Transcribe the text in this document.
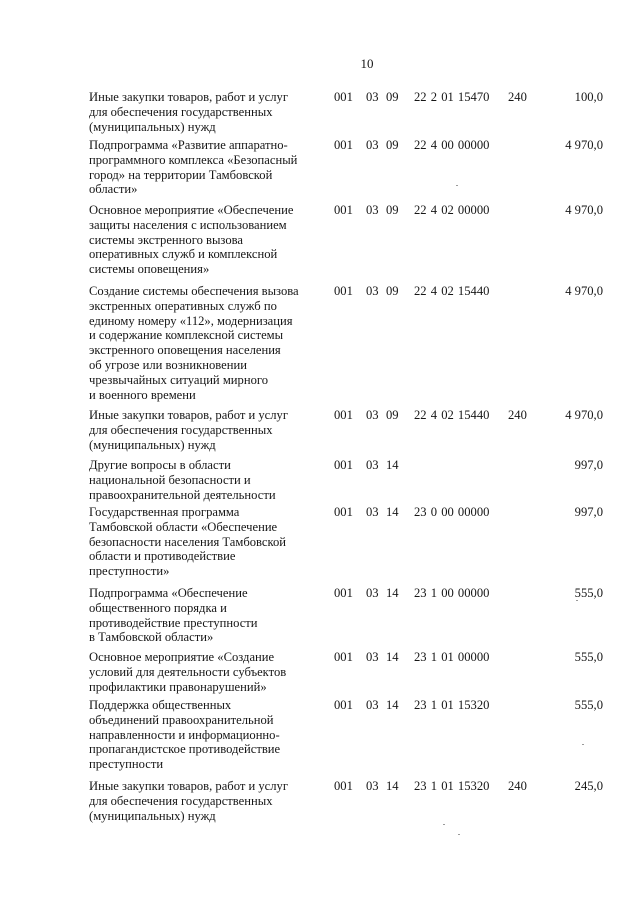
10
Иные закупки товаров, работ и услуг
для обеспечения государственных
(муниципальных) нужд
001 03 09 22 2 01 15470 240	100,0
Подпрограмма «Развитие аппаратно-
программного комплекса «Безопасный
город» на территории Тамбовской
области»
001 03 09 22 4 00 00000	4 970,0
Основное мероприятие «Обеспечение
защиты населения с использованием
системы экстренного вызова
оперативных служб и комплексной
системы оповещения»
001 03 09 22 4 02 00000	4 970,0
Создание системы обеспечения вызова
экстренных оперативных служб по
единому номеру «112», модернизация
и содержание комплексной системы
экстренного оповещения населения
об угрозе или возникновении
чрезвычайных ситуаций мирного
и военного времени
001 03 09 22 4 02 15440	4 970,0
Иные закупки товаров, работ и услуг
для обеспечения государственных
(муниципальных) нужд
001 03 09 22 4 02 15440 240	4 970,0
Другие вопросы в области
национальной безопасности и
правоохранительной деятельности
001 03 14	997,0
Государственная программа
Тамбовской области «Обеспечение
безопасности населения Тамбовской
области и противодействие
преступности»
001 03 14 23 0 00 00000	997,0
Подпрограмма «Обеспечение
общественного порядка и
противодействие преступности
в Тамбовской области»
001 03 14 23 1 00 00000	555,0
Основное мероприятие «Создание
условий для деятельности субъектов
профилактики правонарушений»
001 03 14 23 1 01 00000	555,0
Поддержка общественных
объединений правоохранительной
направленности и информационно-
пропагандистское противодействие
преступности
001 03 14 23 1 01 15320	555,0
Иные закупки товаров, работ и услуг
для обеспечения государственных
(муниципальных) нужд
001 03 14 23 1 01 15320 240	245,0
